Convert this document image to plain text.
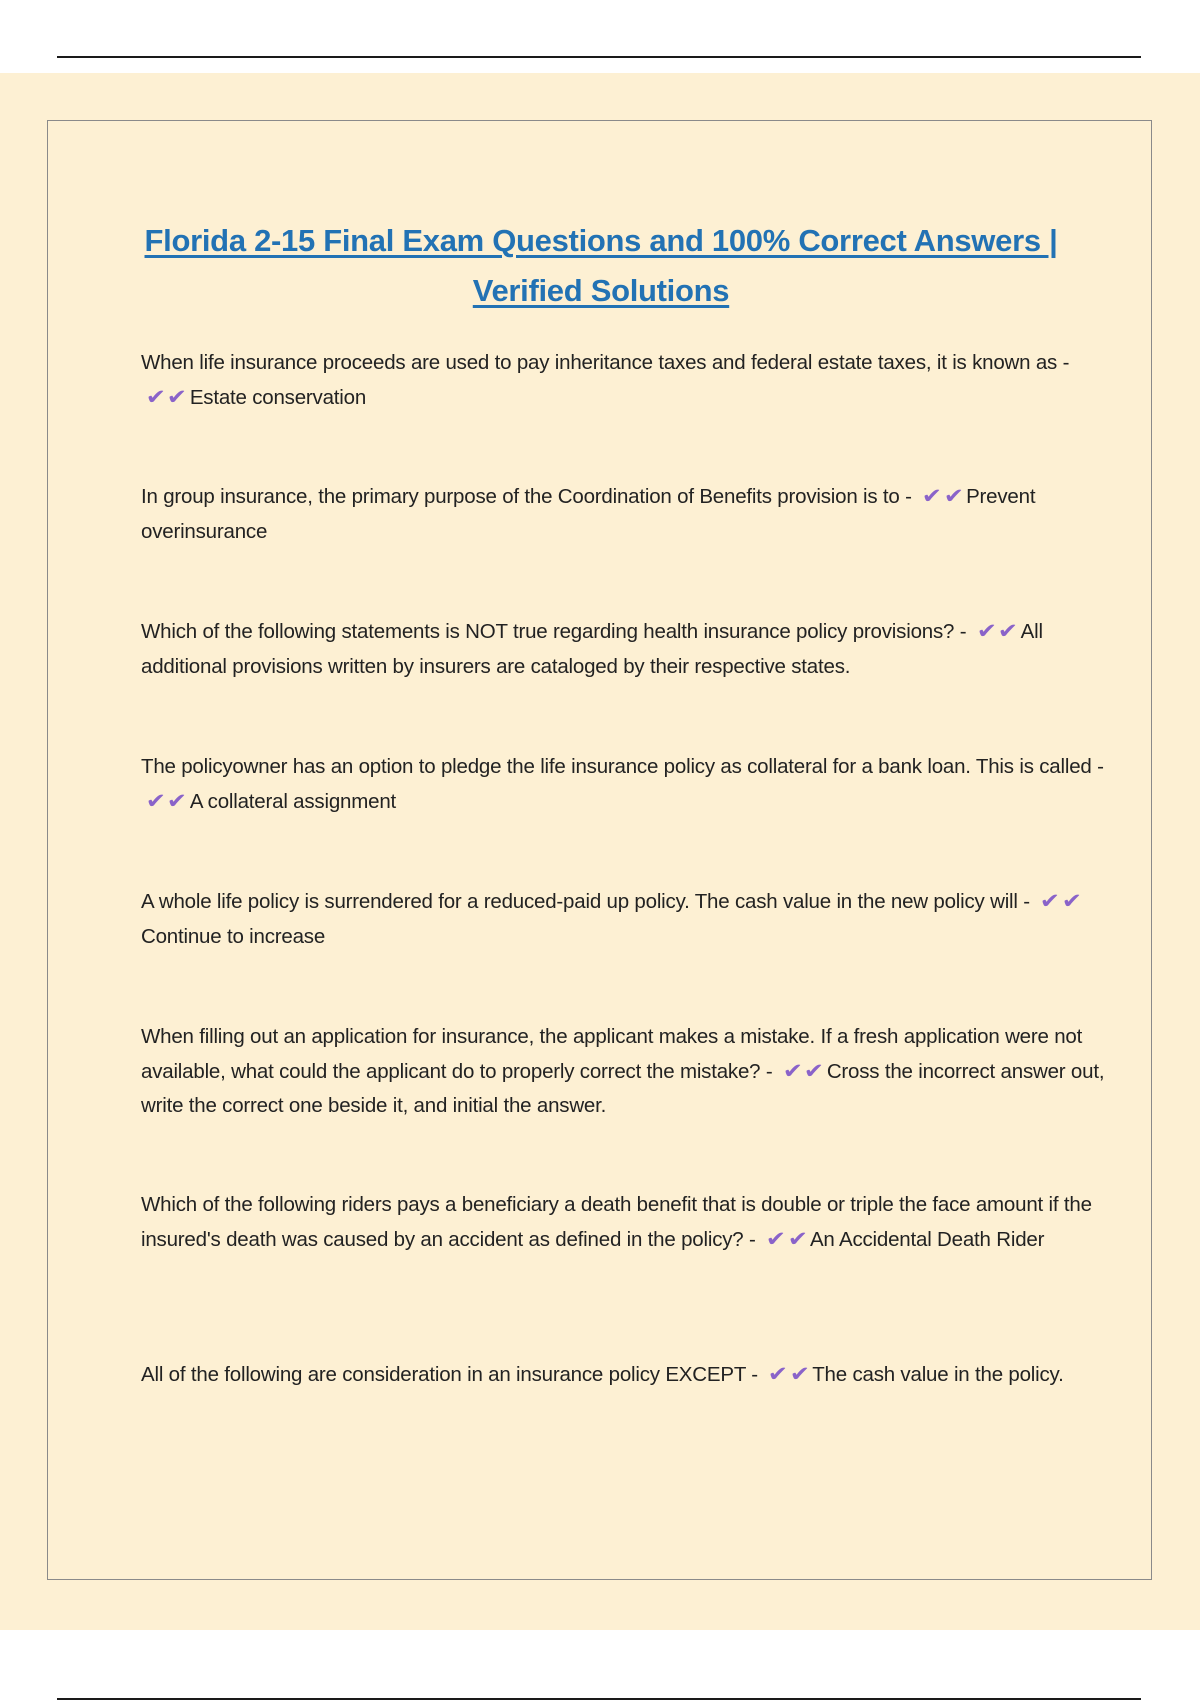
Florida 2-15 Final Exam Questions and 100% Correct Answers | Verified Solutions

When life insurance proceeds are used to pay inheritance taxes and federal estate taxes, it is known as - ✔✔ Estate conservation

In group insurance, the primary purpose of the Coordination of Benefits provision is to - ✔✔ Prevent overinsurance

Which of the following statements is NOT true regarding health insurance policy provisions? - ✔✔ All additional provisions written by insurers are cataloged by their respective states.

The policyowner has an option to pledge the life insurance policy as collateral for a bank loan. This is called - ✔✔ A collateral assignment

A whole life policy is surrendered for a reduced-paid up policy. The cash value in the new policy will - ✔✔Continue to increase

When filling out an application for insurance, the applicant makes a mistake. If a fresh application were not available, what could the applicant do to properly correct the mistake? - ✔✔ Cross the incorrect answer out, write the correct one beside it, and initial the answer.

Which of the following riders pays a beneficiary a death benefit that is double or triple the face amount if the insured's death was caused by an accident as defined in the policy? - ✔✔ An Accidental Death Rider

All of the following are consideration in an insurance policy EXCEPT - ✔✔ The cash value in the policy.
